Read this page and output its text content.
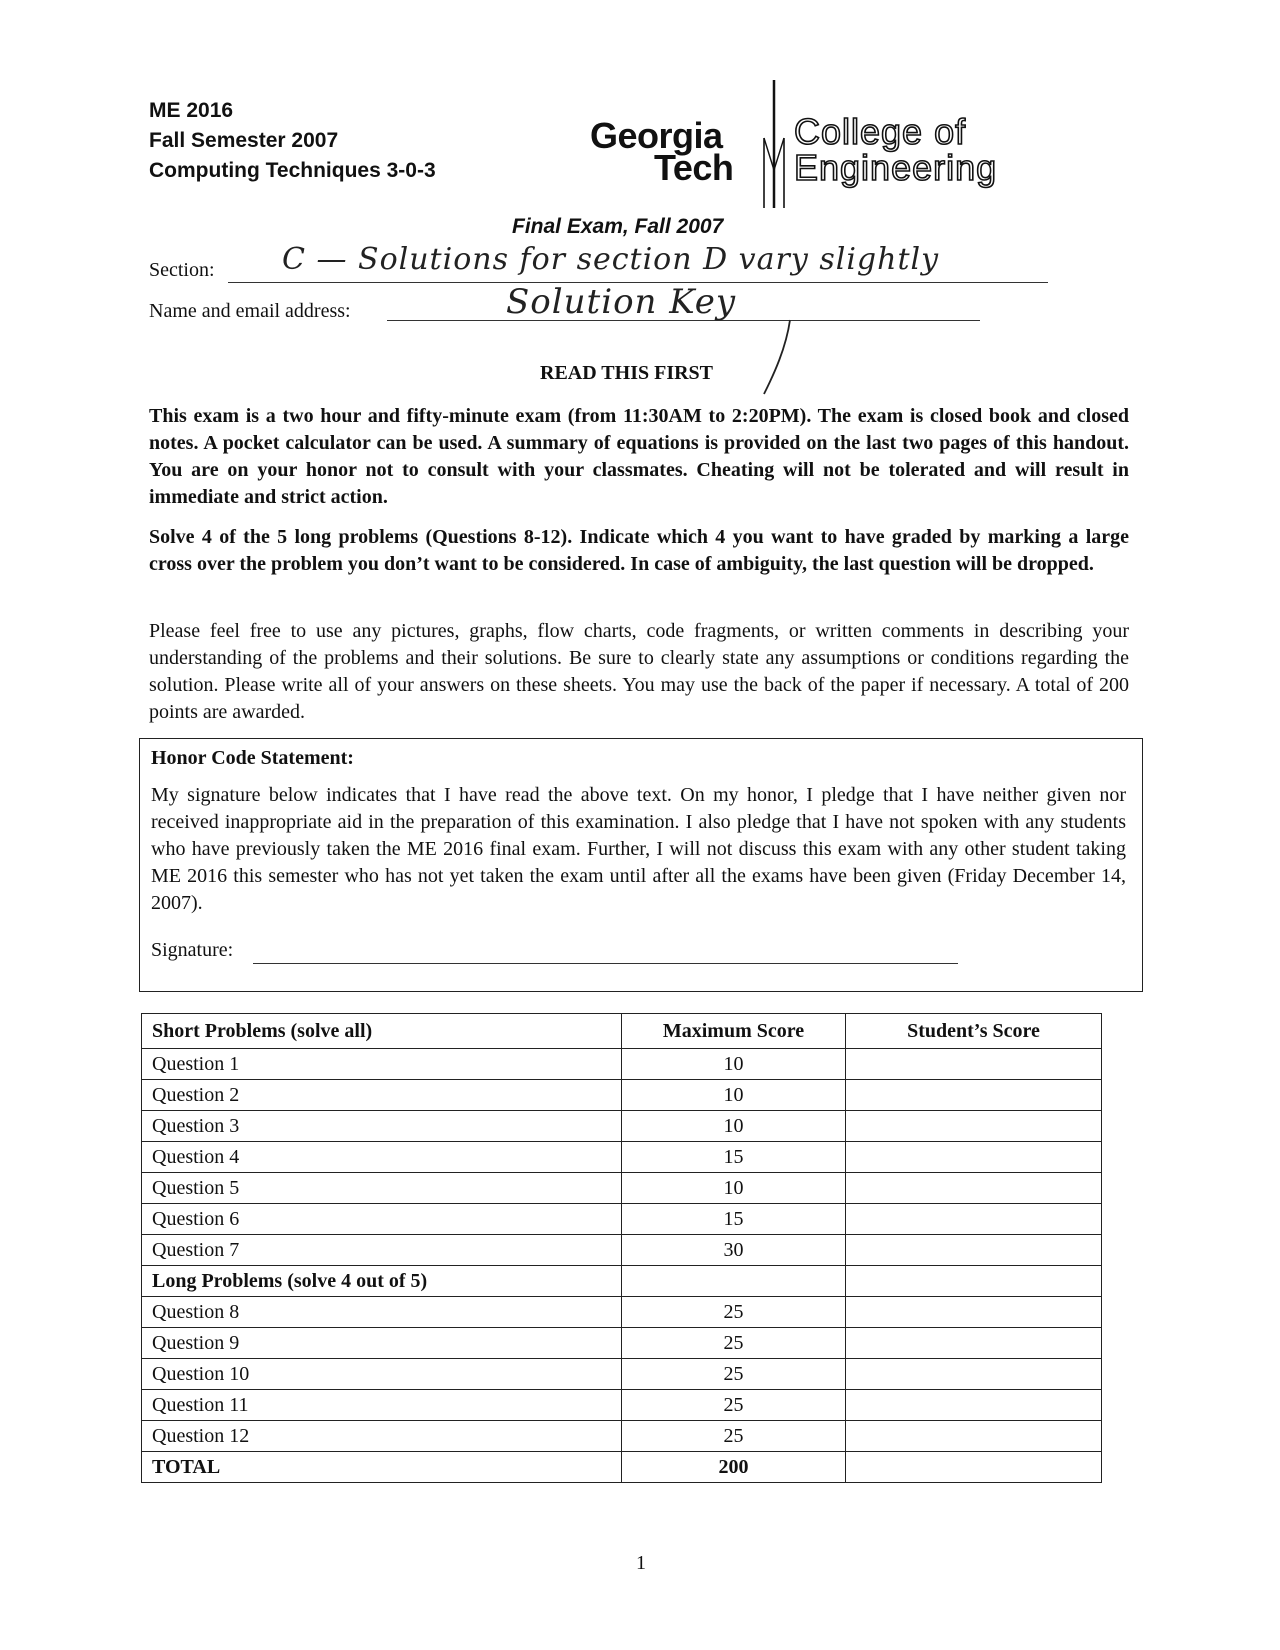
ME 2016
Fall Semester 2007
Computing Techniques 3-0-3
Georgia
Tech
College of
Engineering
Final Exam, Fall 2007
Section: C — Solutions for section D vary slightly
Name and email address:	Solution Key
READ THIS FIRST
This exam is a two hour and fifty-minute exam (from 11:30AM to 2:20PM). The exam is closed book and closed notes. A pocket calculator can be used. A summary of equations is provided on the last two pages of this handout. You are on your honor not to consult with your classmates. Cheating will not be tolerated and will result in immediate and strict action.
Solve 4 of the 5 long problems (Questions 8-12). Indicate which 4 you want to have graded by marking a large cross over the problem you don’t want to be considered. In case of ambiguity, the last question will be dropped.
Please feel free to use any pictures, graphs, flow charts, code fragments, or written comments in describing your understanding of the problems and their solutions. Be sure to clearly state any assumptions or conditions regarding the solution. Please write all of your answers on these sheets. You may use the back of the paper if necessary. A total of 200 points are awarded.
Honor Code Statement:
My signature below indicates that I have read the above text. On my honor, I pledge that I have neither given nor received inappropriate aid in the preparation of this examination. I also pledge that I have not spoken with any students who have previously taken the ME 2016 final exam. Further, I will not discuss this exam with any other student taking ME 2016 this semester who has not yet taken the exam until after all the exams have been given (Friday December 14, 2007).
Signature:
Short Problems (solve all)	Maximum Score	Student’s Score
Question 1	10	
Question 2	10	
Question 3	10	
Question 4	15	
Question 5	10	
Question 6	15	
Question 7	30	
Long Problems (solve 4 out of 5)		
Question 8	25	
Question 9	25	
Question 10	25	
Question 11	25	
Question 12	25	
TOTAL	200	
1
